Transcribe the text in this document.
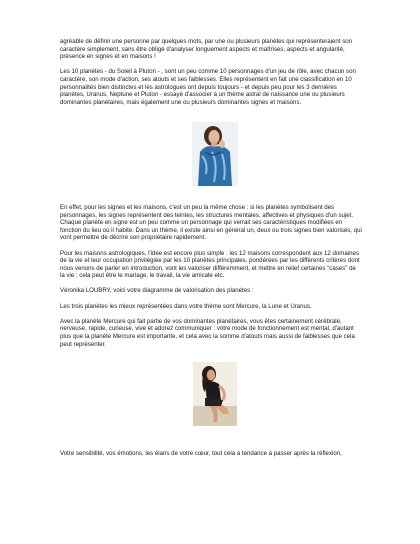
agréable de définir une personne par quelques mots, par une ou plusieurs planètes qui représenteraient son caractère simplement, sans être obligé d'analyser longuement aspects et maîtrises, aspects et angularité, présence en signes et en maisons !

Les 10 planètes - du Soleil à Pluton - , sont un peu comme 10 personnages d'un jeu de rôle, avec chacun son caractère, son mode d'action, ses atouts et ses faiblesses. Elles représentent en fait une classification en 10 personnalités bien distinctes et les astrologues ont depuis toujours - et depuis peu pour les 3 dernières planètes, Uranus, Neptune et Pluton - essayé d'associer à un thème astral de naissance une ou plusieurs dominantes planétaires, mais également une ou plusieurs dominantes signes et maisons.

En effet, pour les signes et les maisons, c'est un peu la même chose : si les planètes symbolisent des personnages, les signes représentent des teintes, les structures mentales, affectives et physiques d'un sujet. Chaque planète en signe est un peu comme un personnage qui verrait ses caractéristiques modifiées en fonction du lieu où il habite. Dans un thème, il existe ainsi en général un, deux ou trois signes bien valorisés, qui vont permettre de décrire son propriétaire rapidement.

Pour les maisons astrologiques, l'idée est encore plus simple : les 12 maisons correspondent aux 12 domaines de la vie et leur occupation privilégiée par les 10 planètes principales, pondérées par les différents critères dont nous venons de parler en introduction, vont les valoriser différemment, et mettre en relief certaines "cases" de la vie : cela peut être le mariage, le travail, la vie amicale etc.

Véronika LOUBRY, voici votre diagramme de valorisation des planètes :

Les trois planètes les mieux représentées dans votre thème sont Mercure, la Lune et Uranus.

Avec la planète Mercure qui fait partie de vos dominantes planétaires, vous êtes certainement cérébrale, nerveuse, rapide, curieuse, vive et adorez communiquer : votre mode de fonctionnement est mental, d'autant plus que la planète Mercure est importante, et cela avec la somme d'atouts mais aussi de faiblesses que cela peut représenter.

Votre sensibilité, vos émotions, les élans de votre cœur, tout cela a tendance à passer après la réflexion,
